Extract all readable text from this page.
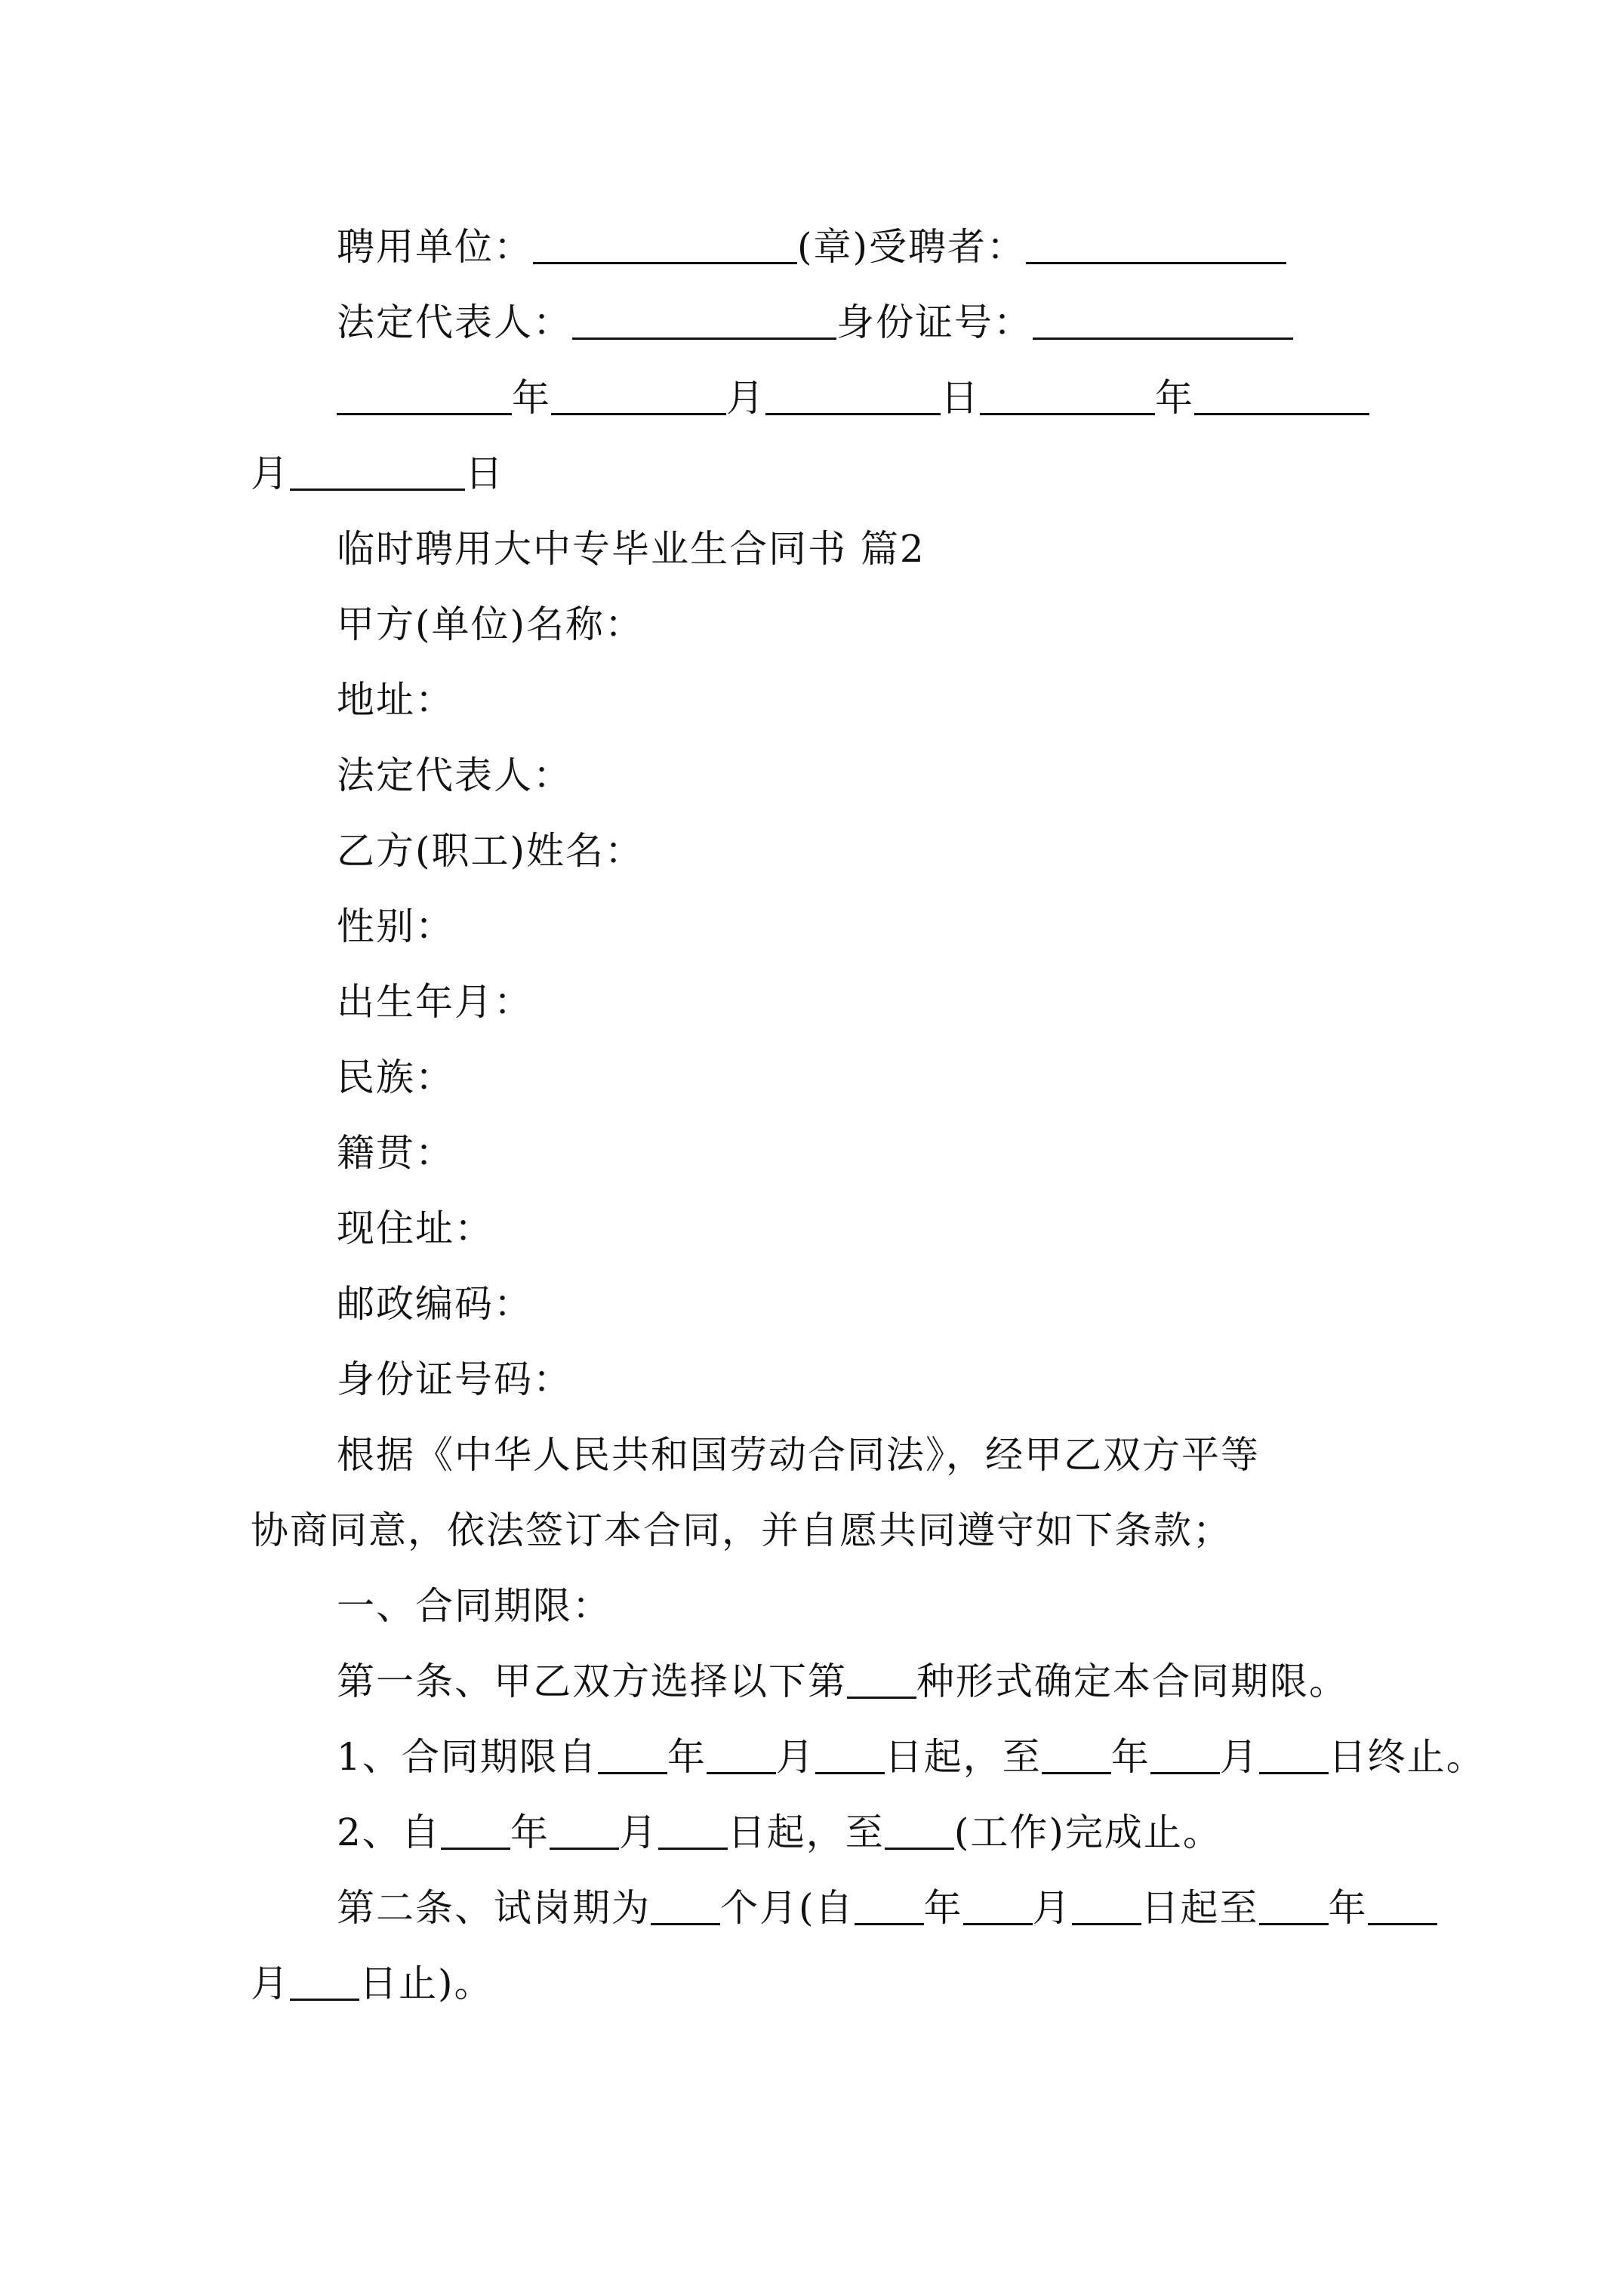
聘用单位：	(章)受聘者：
法定代表人：	身份证号：
年	月	日	年
月	日
临时聘用大中专毕业生合同书 篇2
甲方(单位)名称：
地址：
法定代表人：
乙方(职工)姓名：
性别：
出生年月：
民族：
籍贯：
现住址：
邮政编码：
身份证号码：
根据《中华人民共和国劳动合同法》，经甲乙双方平等
协商同意，依法签订本合同，并自愿共同遵守如下条款；
一、合同期限：
第一条、甲乙双方选择以下第 种形式确定本合同期限。
1、合同期限自 年 月 日起，至 年 月 日终止。
2、自 年 月 日起，至 (工作)完成止。
第二条、试岗期为 个月(自 年 月 日起至 年
月 日止)。
